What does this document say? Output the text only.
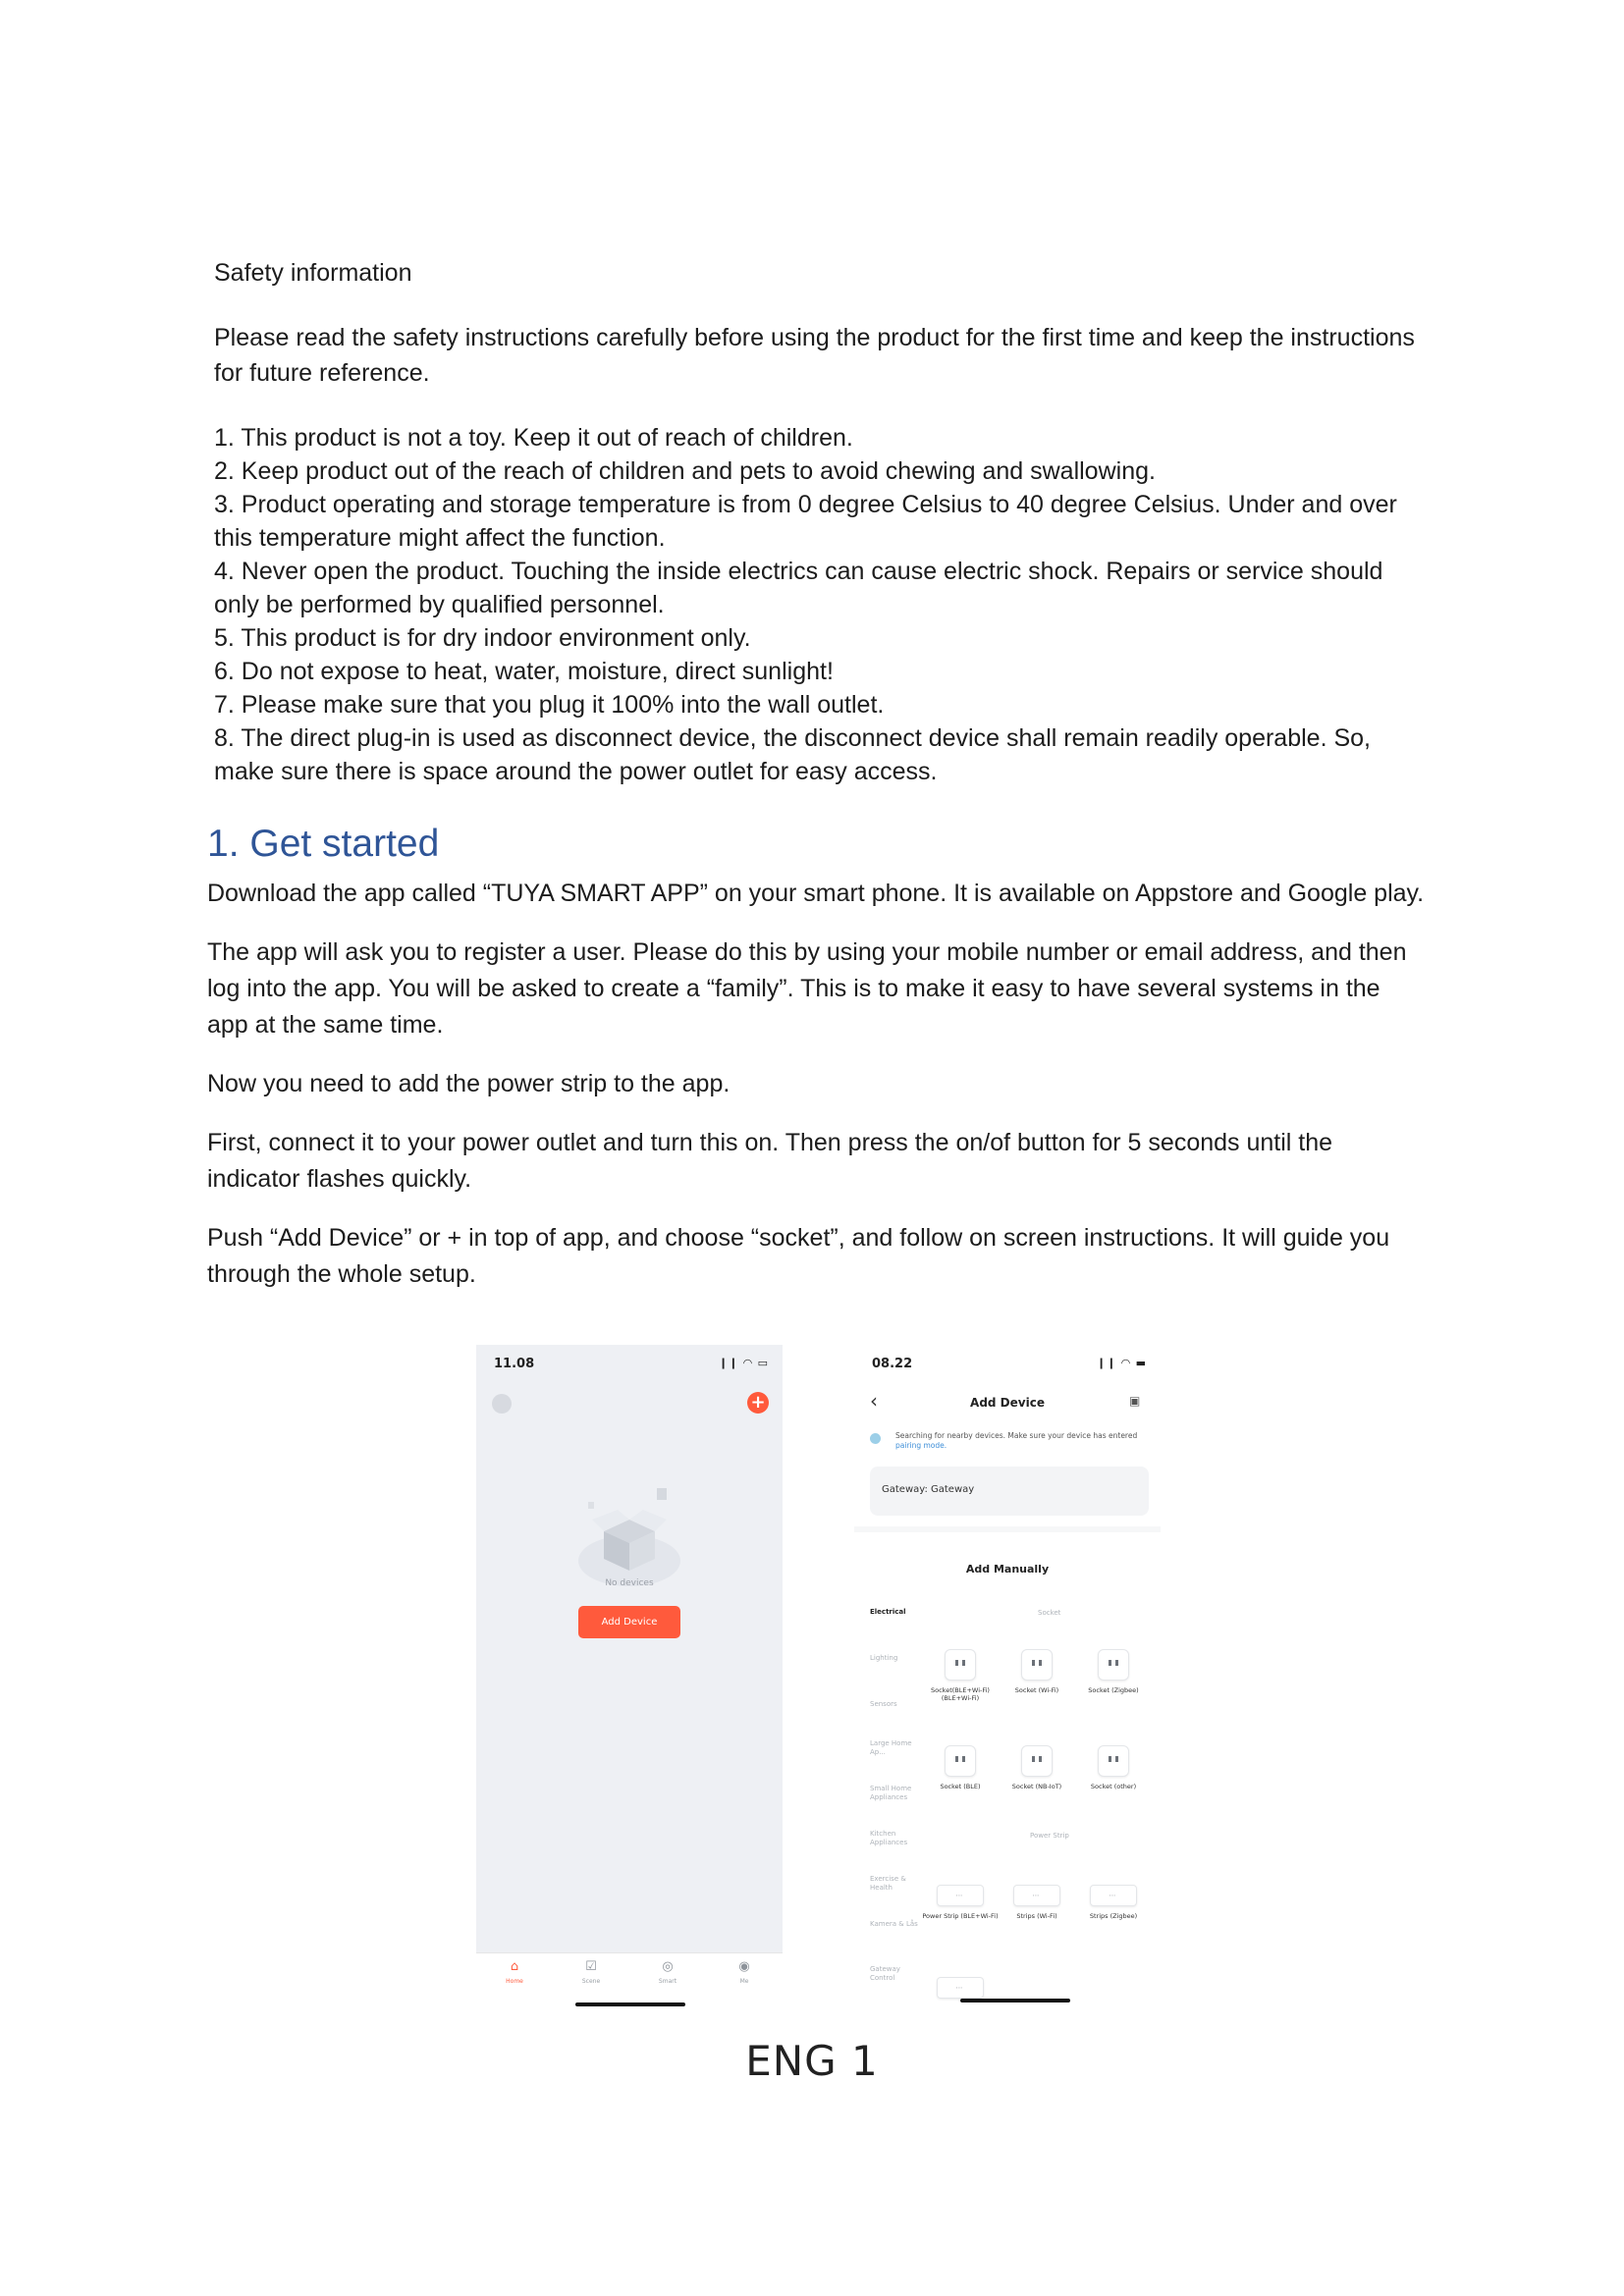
Safety information
Please read the safety instructions carefully before using the product for the first time and keep the instructions for future reference.
1. This product is not a toy. Keep it out of reach of children.
2. Keep product out of the reach of children and pets to avoid chewing and swallowing.
3. Product operating and storage temperature is from 0 degree Celsius to 40 degree Celsius. Under and over this temperature might affect the function.
4. Never open the product. Touching the inside electrics can cause electric shock. Repairs or service should only be performed by qualified personnel.
5. This product is for dry indoor environment only.
6. Do not expose to heat, water, moisture, direct sunlight!
7. Please make sure that you plug it 100% into the wall outlet.
8. The direct plug-in is used as disconnect device, the disconnect device shall remain readily operable. So, make sure there is space around the power outlet for easy access.
1. Get started

Download the app called “TUYA SMART APP” on your smart phone. It is available on Appstore and Google play.

The app will ask you to register a user. Please do this by using your mobile number or email address, and then log into the app. You will be asked to create a “family”. This is to make it easy to have several systems in the app at the same time.

Now you need to add the power strip to the app.

First, connect it to your power outlet and turn this on. Then press the on/of button for 5 seconds until the indicator flashes quickly.

Push “Add Device” or + in top of app, and choose “socket”, and follow on screen instructions. It will guide you through the whole setup.

11.08	❙❙ ◠ ▭
+
No devices
Add Device
⌂
Home
☑
Scene
◎
Smart
◉
Me
08.22	❙❙ ◠ ▬
‹	Add Device	▣
Searching for nearby devices. Make sure your device has entered pairing mode.
Gateway: Gateway
Add Manually
Electrical
Lighting
Sensors
Large Home Ap...
Small Home Appliances
Kitchen Appliances
Exercise & Health
Kamera & Lås
Gateway Control
Socket
Socket(BLE+Wi-Fi) (BLE+Wi-Fi)
Socket (Wi-Fi)	Socket (Zigbee)
Socket (BLE)	Socket (NB-IoT)	Socket (other)
Power Strip
⋯
Power Strip (BLE+Wi-Fi)
⋯
Strips (Wi-Fi)
⋯
Strips (Zigbee)
⋯
ENG 1
